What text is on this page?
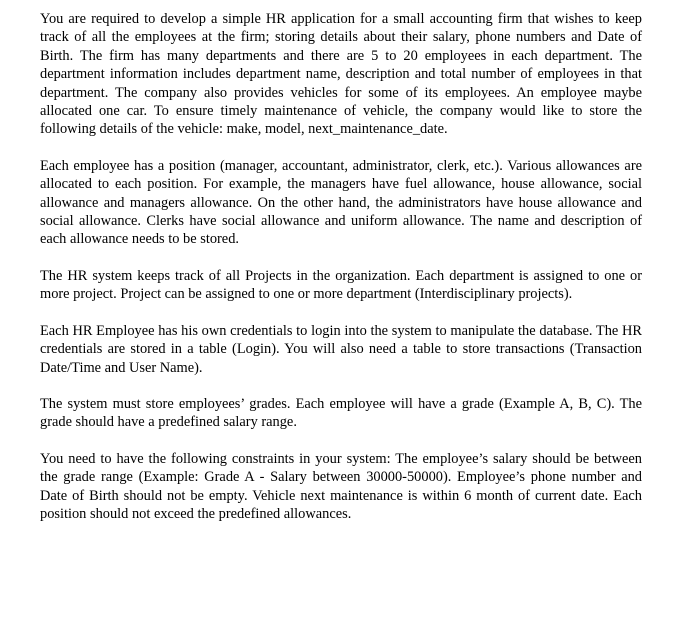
You are required to develop a simple HR application for a small accounting firm that wishes to keep track of all the employees at the firm; storing details about their salary, phone numbers and Date of Birth. The firm has many departments and there are 5 to 20 employees in each department. The department information includes department name, description and total number of employees in that department. The company also provides vehicles for some of its employees. An employee maybe allocated one car. To ensure timely maintenance of vehicle, the company would like to store the following details of the vehicle: make, model, next_maintenance_date.

Each employee has a position (manager, accountant, administrator, clerk, etc.). Various allowances are allocated to each position. For example, the managers have fuel allowance, house allowance, social allowance and managers allowance. On the other hand, the administrators have house allowance and social allowance. Clerks have social allowance and uniform allowance. The name and description of each allowance needs to be stored.

The HR system keeps track of all Projects in the organization. Each department is assigned to one or more project. Project can be assigned to one or more department (Interdisciplinary projects).

Each HR Employee has his own credentials to login into the system to manipulate the database. The HR credentials are stored in a table (Login). You will also need a table to store transactions (Transaction Date/Time and User Name).

The system must store employees’ grades. Each employee will have a grade (Example A, B, C). The grade should have a predefined salary range.

You need to have the following constraints in your system: The employee’s salary should be between the grade range (Example: Grade A - Salary between 30000-50000). Employee’s phone number and Date of Birth should not be empty. Vehicle next maintenance is within 6 month of current date. Each position should not exceed the predefined allowances.
